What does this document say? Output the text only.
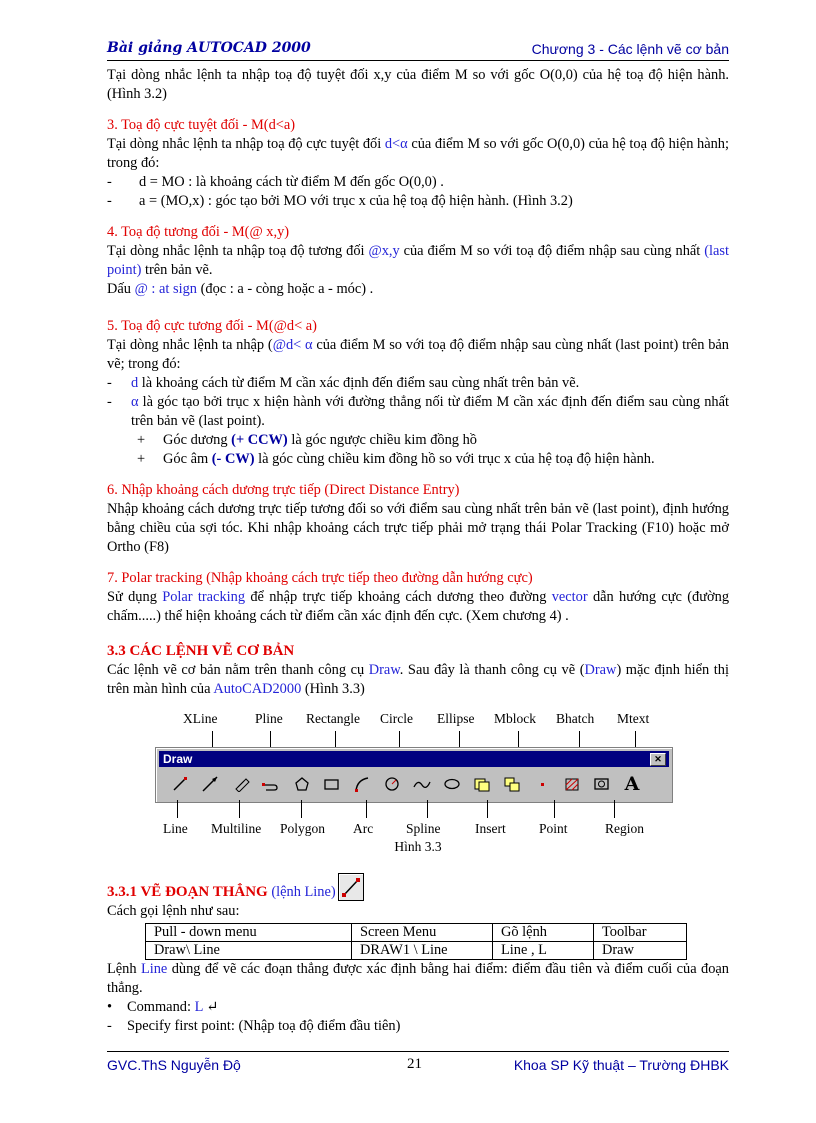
Bài giảng AUTOCAD 2000	Chương 3 - Các lệnh vẽ cơ bản

Tại dòng nhắc lệnh ta nhập toạ độ tuyệt đối x,y của điểm M so với gốc O(0,0) của hệ toạ độ hiện hành. (Hình 3.2)

3. Toạ độ cực tuyệt đối - M(d<a)

Tại dòng nhắc lệnh ta nhập toạ độ cực tuyệt đối d<α của điểm M so với gốc O(0,0) của hệ toạ độ hiện hành; trong đó:

-	d = MO : là khoảng cách từ điểm M đến gốc O(0,0) .
-	a = (MO,x) : góc tạo bởi MO với trục x của hệ toạ độ hiện hành. (Hình 3.2)

4. Toạ độ tương đối - M(@ x,y)

Tại dòng nhắc lệnh ta nhập toạ độ tương đối @x,y của điểm M so với toạ độ điểm nhập sau cùng nhất (last point) trên bản vẽ.

Dấu @ : at sign (đọc : a - còng hoặc a - móc) .

5. Toạ độ cực tương đối - M(@d< a)

Tại dòng nhắc lệnh ta nhập (@d< α của điểm M so với toạ độ điểm nhập sau cùng nhất (last point) trên bản vẽ; trong đó:

-	d là khoảng cách từ điểm M cần xác định đến điểm sau cùng nhất trên bản vẽ.
-	α là góc tạo bởi trục x hiện hành với đường thẳng nối từ điểm M cần xác định đến điểm sau cùng nhất trên bản vẽ (last point).
+	Góc dương (+ CCW) là góc ngược chiều kim đồng hồ
+	Góc âm (- CW) là góc cùng chiều kim đồng hồ so với trục x của hệ toạ độ hiện hành.

6. Nhập khoảng cách dương trực tiếp (Direct Distance Entry)

Nhập khoảng cách dương trực tiếp tương đối so với điểm sau cùng nhất trên bản vẽ (last point), định hướng bằng chiều của sợi tóc. Khi nhập khoảng cách trực tiếp phải mở trạng thái Polar Tracking (F10) hoặc mở Ortho (F8)

7. Polar tracking (Nhập khoảng cách trực tiếp theo đường dẫn hướng cực)

Sử dụng Polar tracking để nhập trực tiếp khoảng cách dương theo đường vector dẫn hướng cực (đường chấm.....) thể hiện khoảng cách từ điểm cần xác định đến cực. (Xem chương 4) .

3.3 CÁC LỆNH VẼ CƠ BẢN

Các lệnh vẽ cơ bản nằm trên thanh công cụ Draw. Sau đây là thanh công cụ vẽ (Draw) mặc định hiển thị trên màn hình của AutoCAD2000 (Hình 3.3)

XLine	Pline Rectangle Circle Ellipse Mblock Bhatch Mtext
Draw	✕
A
Line Multiline Polygon Arc Spline	Insert Point	Region
Hình 3.3

3.3.1 VẼ ĐOẠN THẲNG (lệnh Line)

Cách gọi lệnh như sau:

Pull - down menu	Screen Menu	Gõ lệnh	Toolbar
Draw\ Line	DRAW1 \ Line	Line , L	Draw

Lệnh Line dùng để vẽ các đoạn thẳng được xác định bằng hai điểm: điểm đầu tiên và điểm cuối của đoạn thẳng.

•	Command: L ↵
-	Specify first point: (Nhập toạ độ điểm đầu tiên)
GVC.ThS Nguyễn Độ	21	Khoa SP Kỹ thuật – Trường ĐHBK
